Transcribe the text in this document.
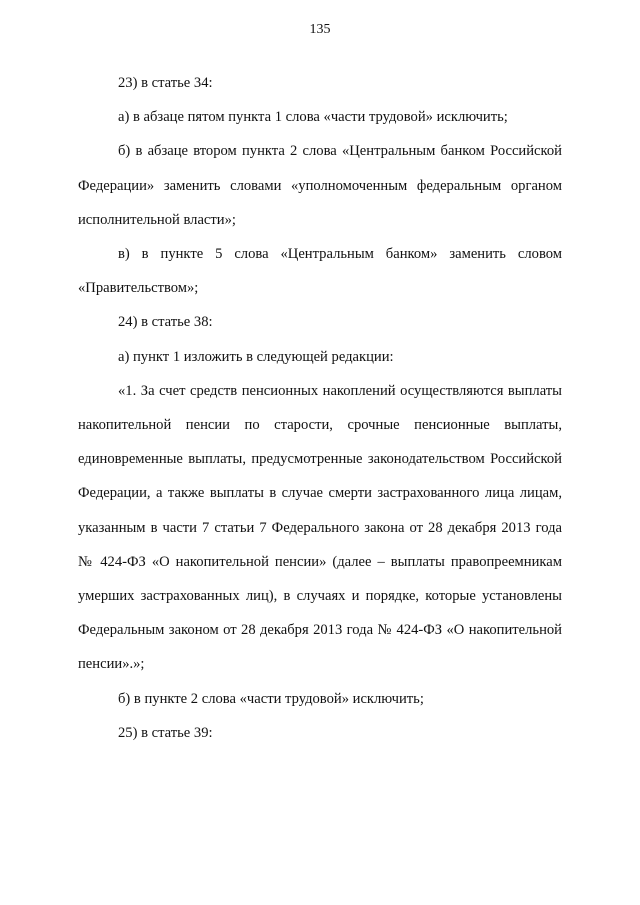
135

23) в статье 34:

а) в абзаце пятом пункта 1 слова «части трудовой» исключить;

б) в абзаце втором пункта 2 слова «Центральным банком Российской Федерации» заменить словами «уполномоченным федеральным органом исполнительной власти»;

в) в пункте 5 слова «Центральным банком» заменить словом «Правительством»;

24) в статье 38:

а) пункт 1 изложить в следующей редакции:

«1. За счет средств пенсионных накоплений осуществляются выплаты накопительной пенсии по старости, срочные пенсионные выплаты, единовременные выплаты, предусмотренные законодательством Российской Федерации, а также выплаты в случае смерти застрахованного лица лицам, указанным в части 7 статьи 7 Федерального закона от 28 декабря 2013 года № 424-ФЗ «О накопительной пенсии» (далее – выплаты правопреемникам умерших застрахованных лиц), в случаях и порядке, которые установлены Федеральным законом от 28 декабря 2013 года № 424-ФЗ «О накопительной пенсии».»;

б) в пункте 2 слова «части трудовой» исключить;

25) в статье 39:
